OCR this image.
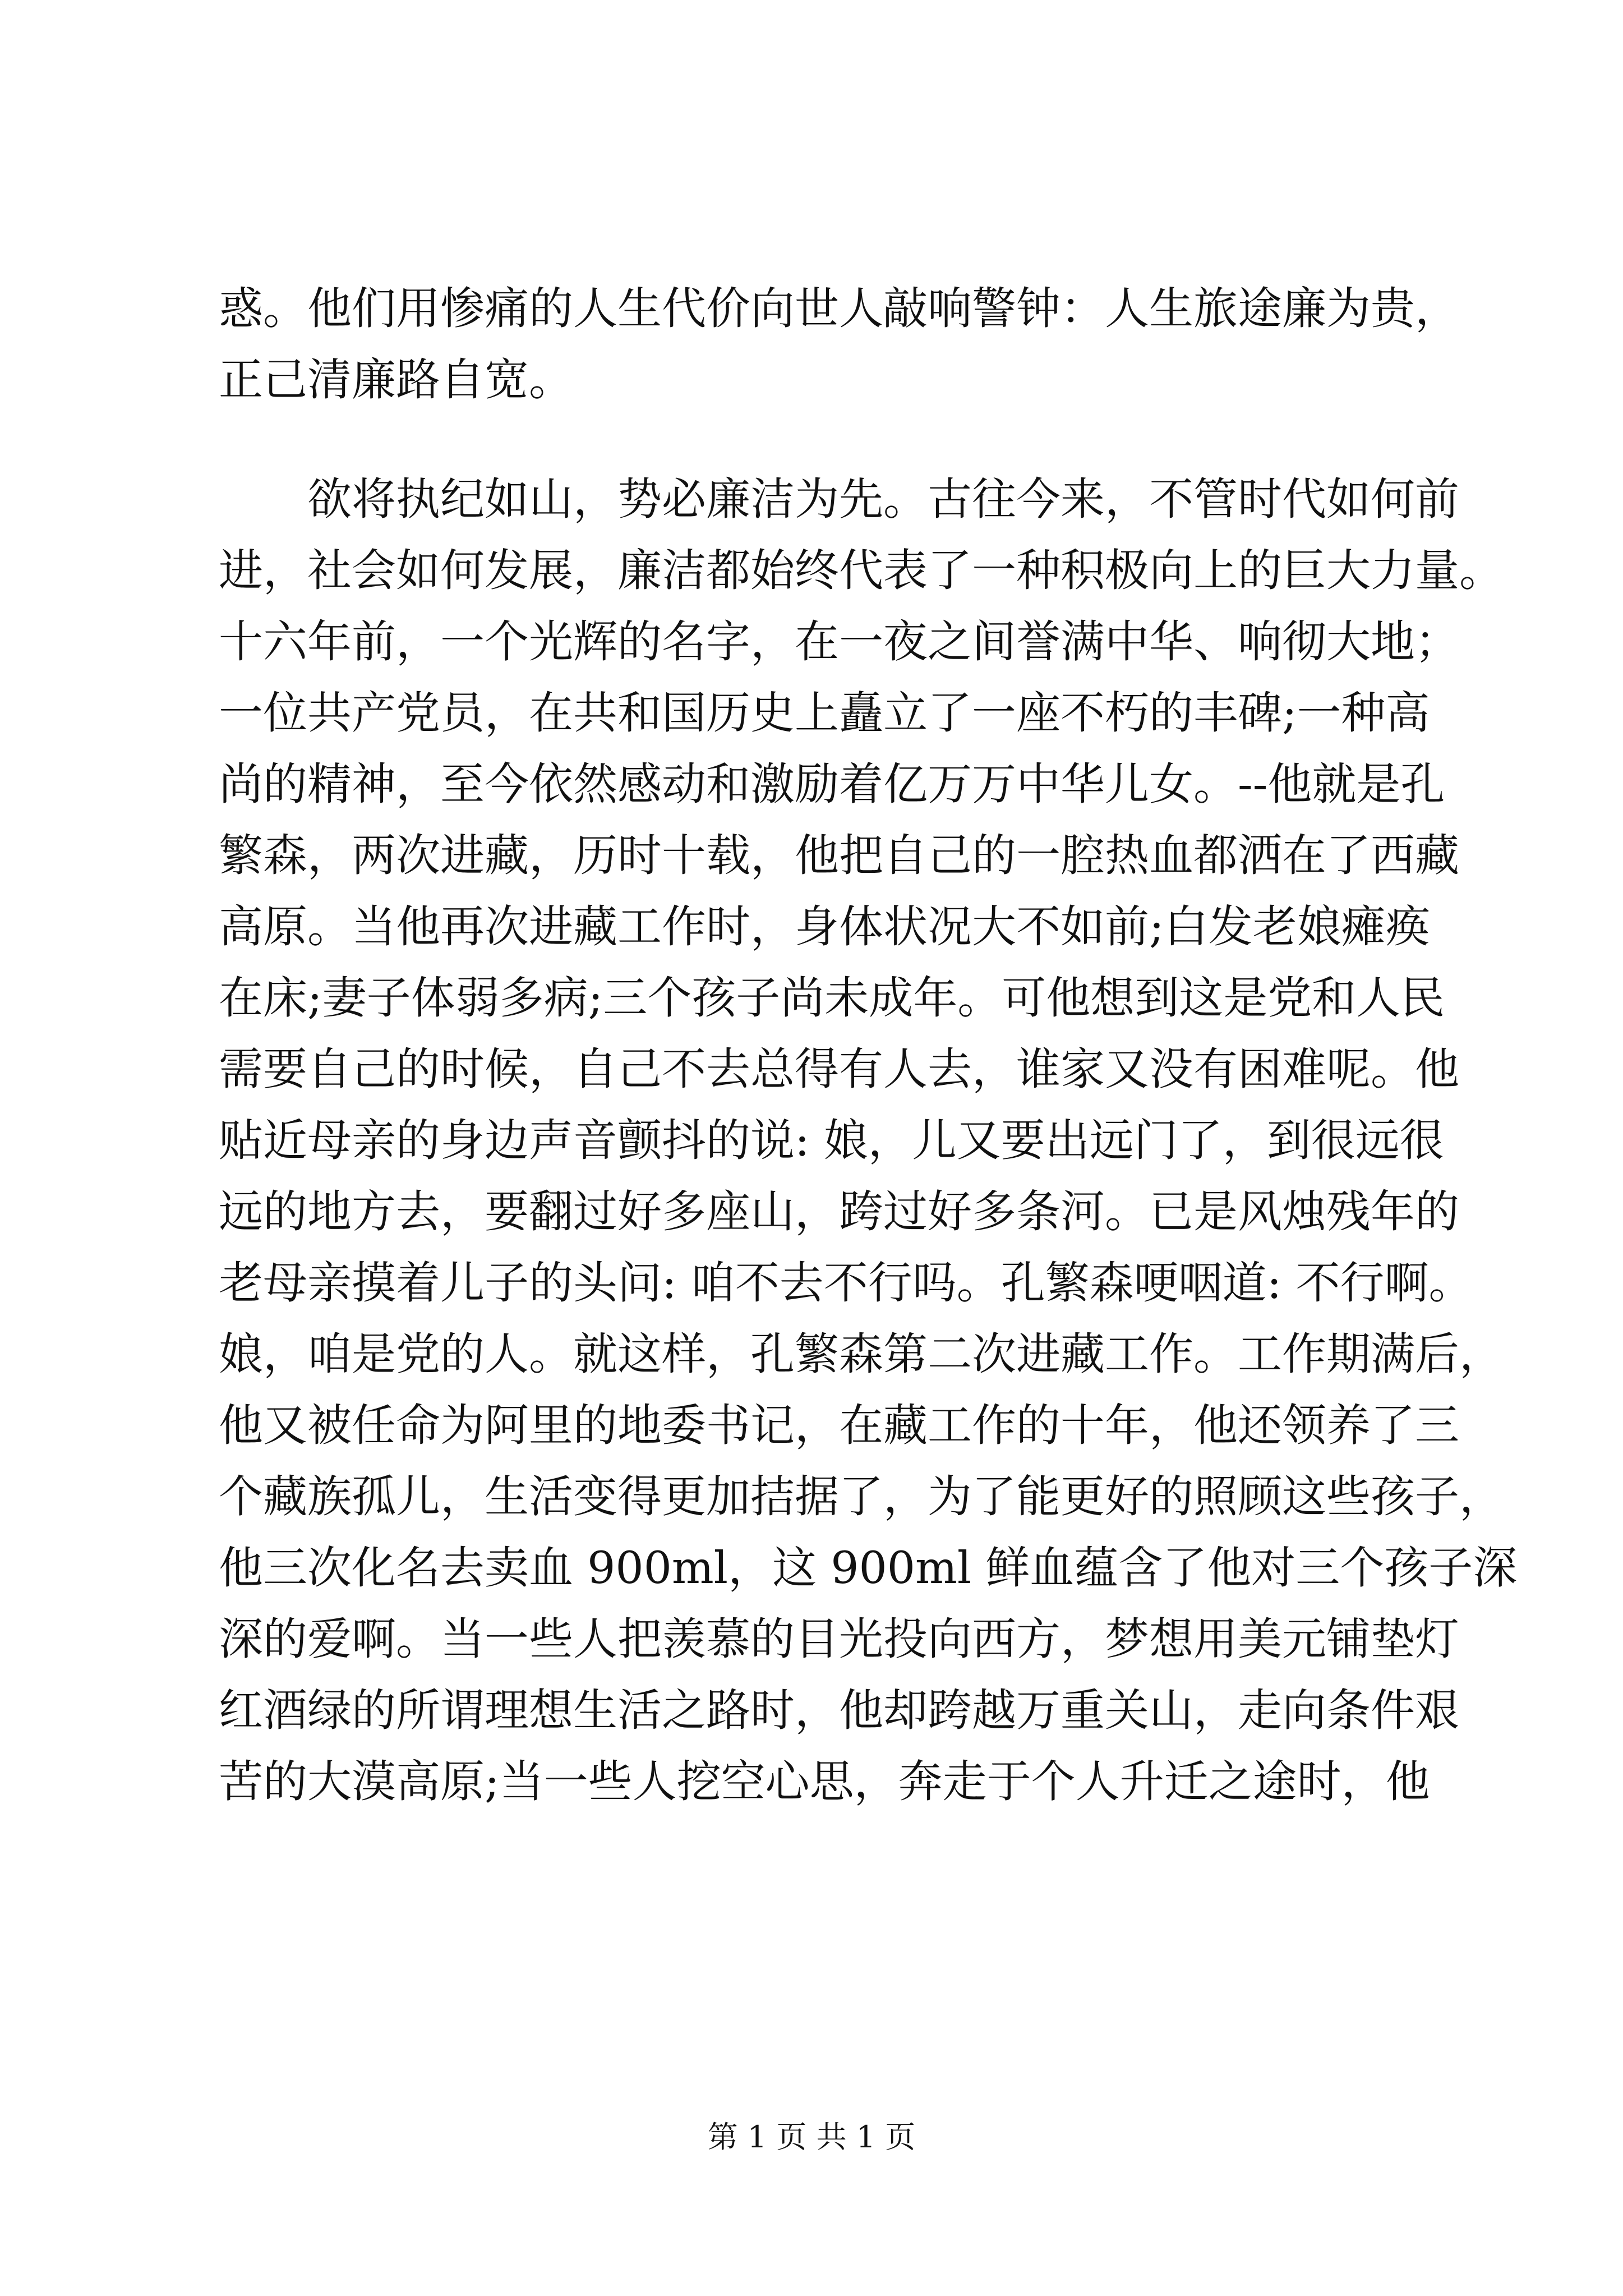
惑。他们用惨痛的人生代价向世人敲响警钟：人生旅途廉为贵，
正己清廉路自宽。
欲将执纪如山，势必廉洁为先。古往今来，不管时代如何前
进，社会如何发展，廉洁都始终代表了一种积极向上的巨大力量。
十六年前，一个光辉的名字，在一夜之间誉满中华、响彻大地；
一位共产党员，在共和国历史上矗立了一座不朽的丰碑;一种高
尚的精神，至今依然感动和激励着亿万万中华儿女。--他就是孔
繁森，两次进藏，历时十载，他把自己的一腔热血都洒在了西藏
高原。当他再次进藏工作时，身体状况大不如前;白发老娘瘫痪
在床;妻子体弱多病;三个孩子尚未成年。可他想到这是党和人民
需要自己的时候，自己不去总得有人去，谁家又没有困难呢。他
贴近母亲的身边声音颤抖的说: 娘，儿又要出远门了，到很远很
远的地方去，要翻过好多座山，跨过好多条河。已是风烛残年的
老母亲摸着儿子的头问: 咱不去不行吗。孔繁森哽咽道: 不行啊。
娘，咱是党的人。就这样，孔繁森第二次进藏工作。工作期满后，
他又被任命为阿里的地委书记，在藏工作的十年，他还领养了三
个藏族孤儿，生活变得更加拮据了，为了能更好的照顾这些孩子，
他三次化名去卖血 900ml，这 900ml 鲜血蕴含了他对三个孩子深
深的爱啊。当一些人把羡慕的目光投向西方，梦想用美元铺垫灯
红酒绿的所谓理想生活之路时，他却跨越万重关山，走向条件艰
苦的大漠高原;当一些人挖空心思，奔走于个人升迁之途时，他
第 1 页 共 1 页
